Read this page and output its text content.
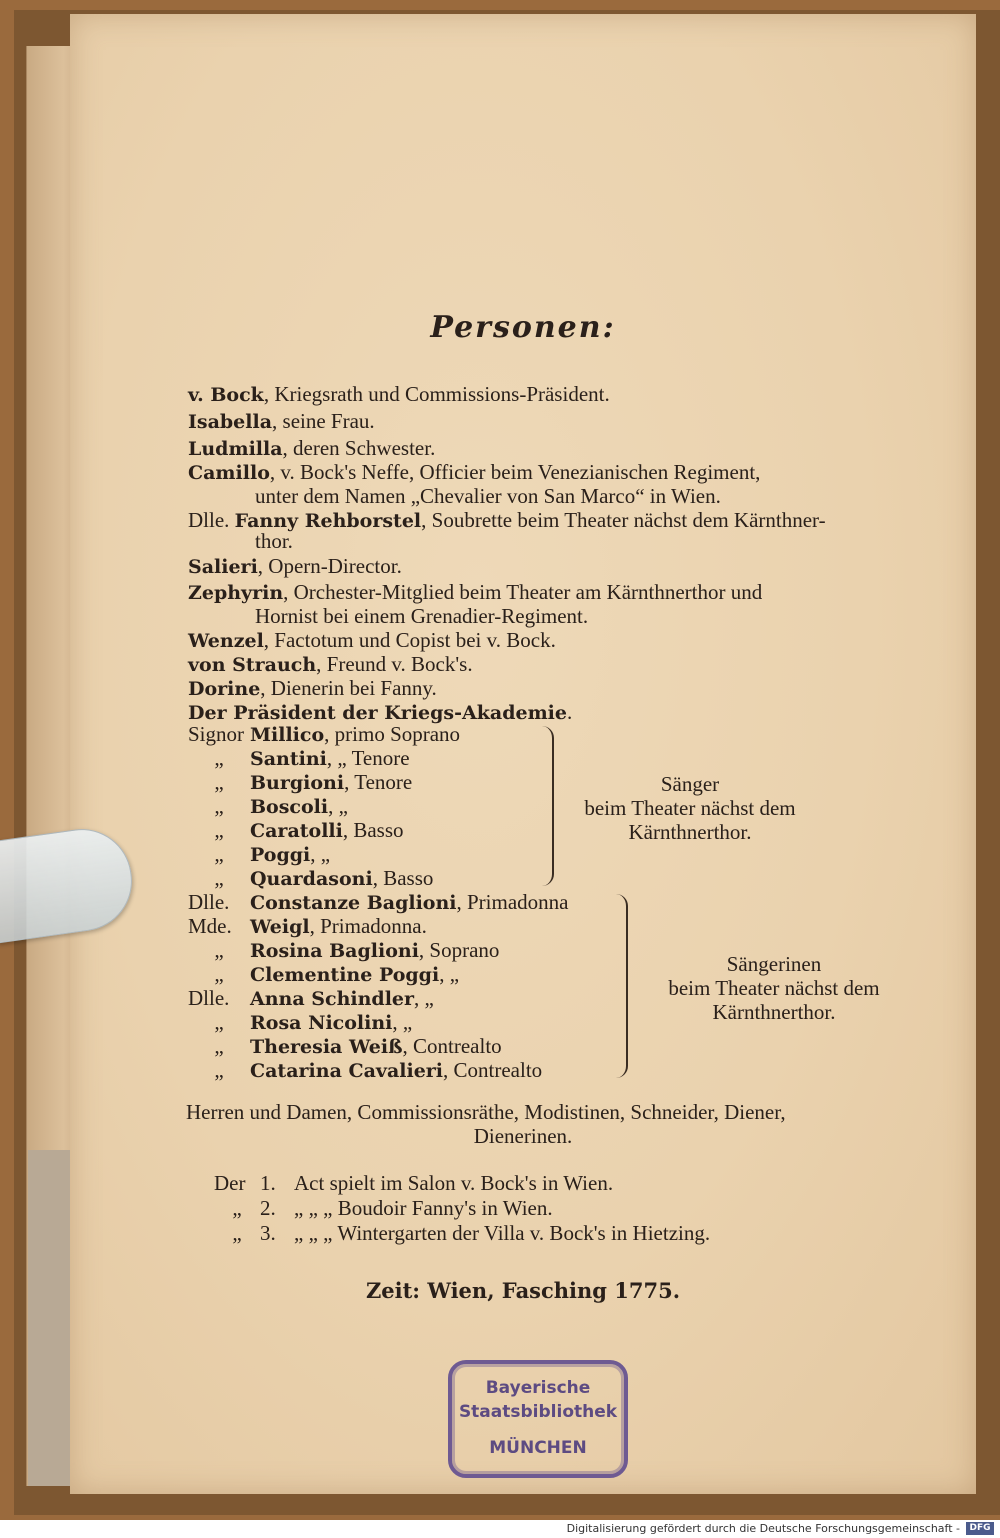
Personen:
v. Bock, Kriegsrath und Commissions-Präsident.
Isabella, seine Frau.
Ludmilla, deren Schwester.
Camillo, v. Bock's Neffe, Officier beim Venezianischen Regiment,
unter dem Namen „Chevalier von San Marco“ in Wien.
Dlle. Fanny Rehborstel, Soubrette beim Theater nächst dem Kärnthner-
thor.
Salieri, Opern-Director.
Zephyrin, Orchester-Mitglied beim Theater am Kärnthnerthor und
Hornist bei einem Grenadier-Regiment.
Wenzel, Factotum und Copist bei v. Bock.
von Strauch, Freund v. Bock's.
Dorine, Dienerin bei Fanny.
Der Präsident der Kriegs-Akademie.
Signor Millico, primo Soprano
„ Santini, „ Tenore
„ Burgioni, Tenore
„ Boscoli, „
„ Caratolli, Basso
„ Poggi, „
„ Quardasoni, Basso
Sänger
beim Theater nächst dem
Kärnthnerthor.
Dlle. Constanze Baglioni, Primadonna
Mde. Weigl, Primadonna.
„ Rosina Baglioni, Soprano
„ Clementine Poggi, „
Dlle. Anna Schindler, „
„ Rosa Nicolini, „
„ Theresia Weiß, Contrealto
„ Catarina Cavalieri, Contrealto
Sängerinen
beim Theater nächst dem
Kärnthnerthor.
Herren und Damen, Commissionsräthe, Modistinen, Schneider, Diener,
Dienerinen.
Der 1. Act spielt im Salon v. Bock's in Wien.
„ 2. „ „ „ Boudoir Fanny's in Wien.
„ 3. „ „ „ Wintergarten der Villa v. Bock's in Hietzing.
Zeit: Wien, Fasching 1775.
Bayerische
Staatsbibliothek
MÜNCHEN
Digitalisierung gefördert durch die Deutsche Forschungsgemeinschaft -	DFG
